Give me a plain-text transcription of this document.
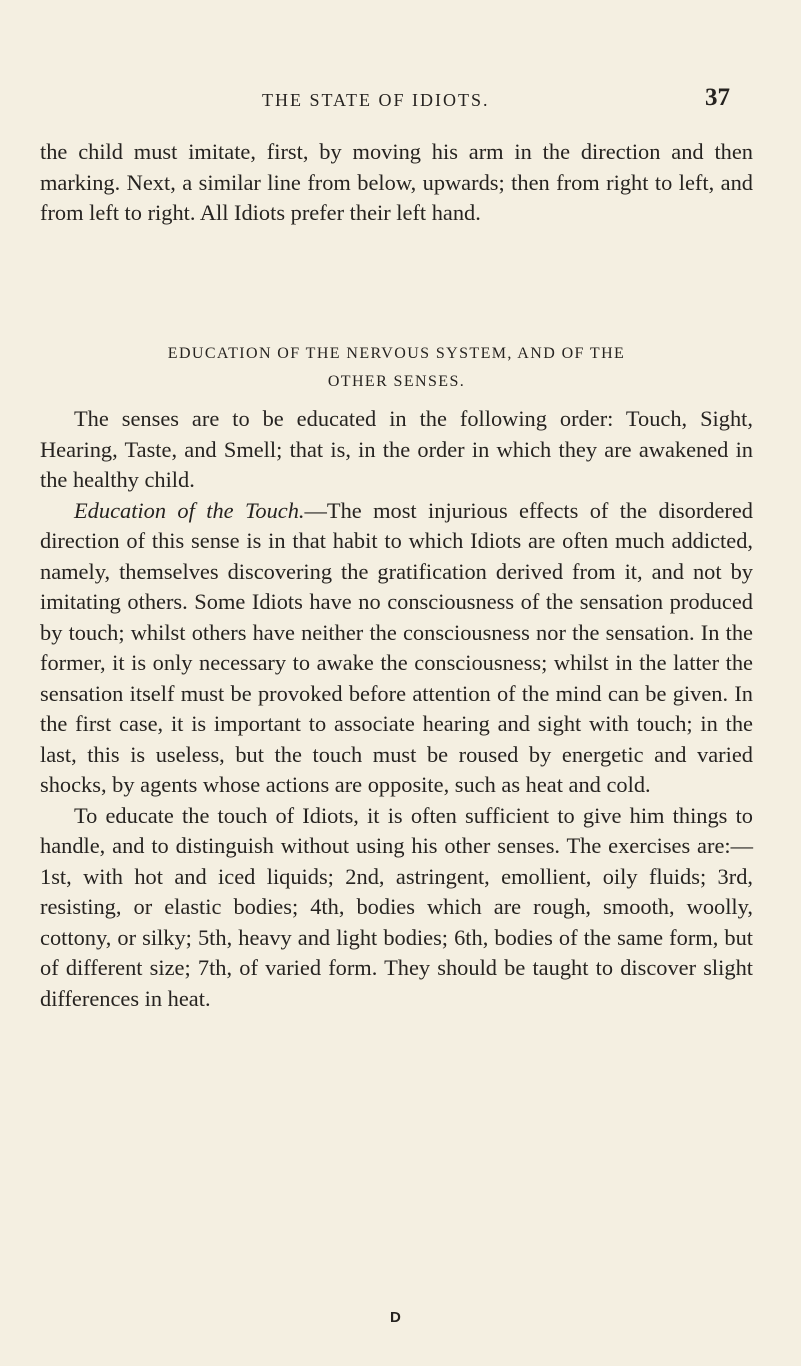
THE STATE OF IDIOTS.	37

the child must imitate, first, by moving his arm in the direction and then marking. Next, a similar line from below, upwards; then from right to left, and from left to right. All Idiots prefer their left hand.

EDUCATION OF THE NERVOUS SYSTEM, AND OF THE
OTHER SENSES.

The senses are to be educated in the following order: Touch, Sight, Hearing, Taste, and Smell; that is, in the order in which they are awakened in the healthy child.

Education of the Touch.—The most injurious effects of the disordered direction of this sense is in that habit to which Idiots are often much addicted, namely, themselves discovering the gratification derived from it, and not by imitating others. Some Idiots have no consciousness of the sensation produced by touch; whilst others have neither the consciousness nor the sensation. In the former, it is only necessary to awake the consciousness; whilst in the latter the sensation itself must be provoked before attention of the mind can be given. In the first case, it is important to associate hearing and sight with touch; in the last, this is useless, but the touch must be roused by energetic and varied shocks, by agents whose actions are opposite, such as heat and cold.

To educate the touch of Idiots, it is often sufficient to give him things to handle, and to distinguish without using his other senses. The exercises are:—1st, with hot and iced liquids; 2nd, astringent, emollient, oily fluids; 3rd, resisting, or elastic bodies; 4th, bodies which are rough, smooth, woolly, cottony, or silky; 5th, heavy and light bodies; 6th, bodies of the same form, but of different size; 7th, of varied form. They should be taught to discover slight differences in heat.

D
